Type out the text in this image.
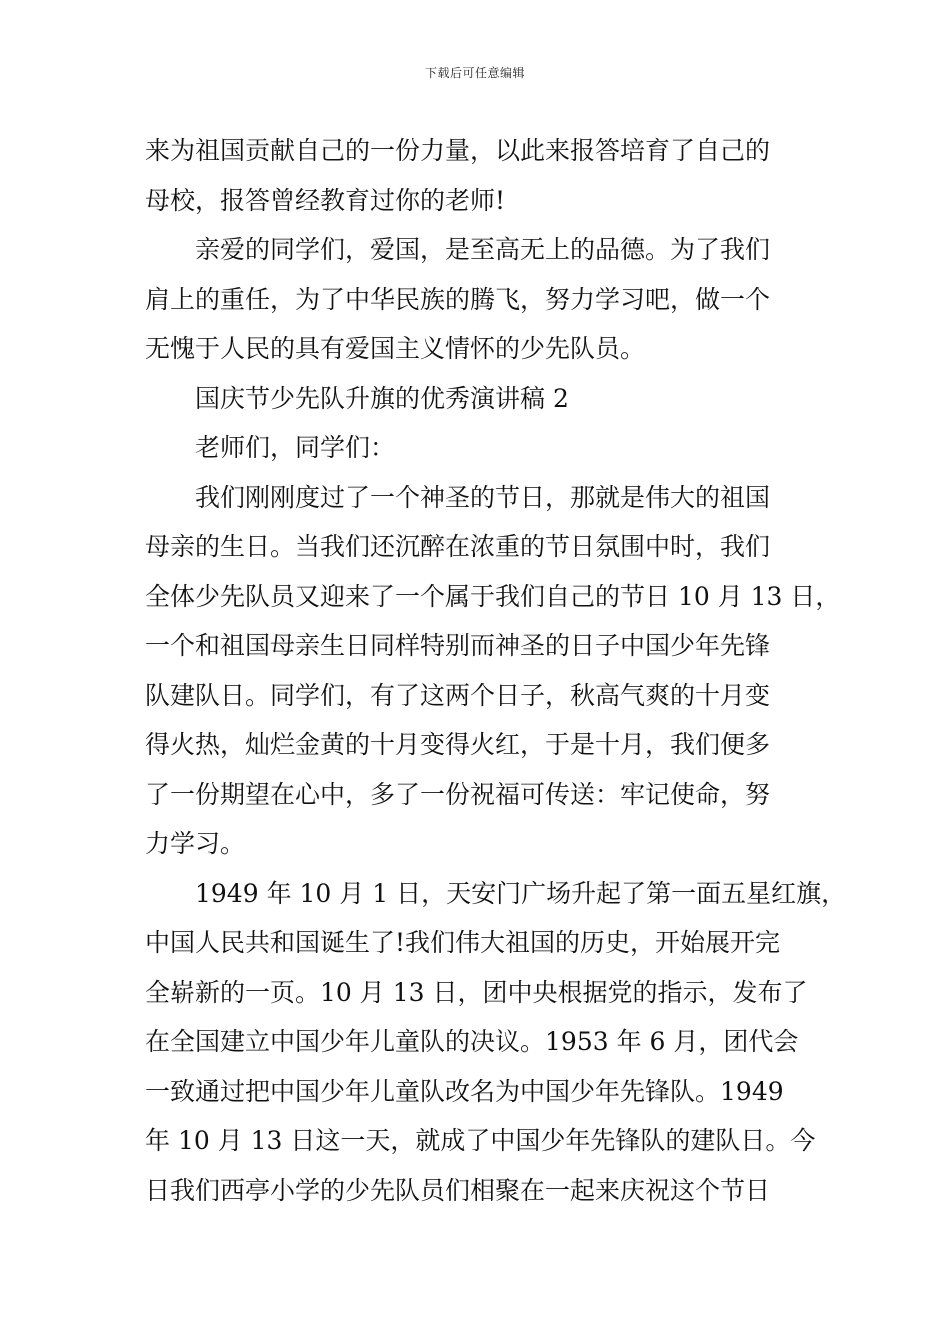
下载后可任意编辑
来为祖国贡献自己的一份力量，以此来报答培育了自己的
母校，报答曾经教育过你的老师!
亲爱的同学们，爱国，是至高无上的品德。为了我们
肩上的重任，为了中华民族的腾飞，努力学习吧，做一个
无愧于人民的具有爱国主义情怀的少先队员。
国庆节少先队升旗的优秀演讲稿 2
老师们，同学们：
我们刚刚度过了一个神圣的节日，那就是伟大的祖国
母亲的生日。当我们还沉醉在浓重的节日氛围中时，我们
全体少先队员又迎来了一个属于我们自己的节日 10 月 13 日，
一个和祖国母亲生日同样特别而神圣的日子中国少年先锋
队建队日。同学们，有了这两个日子，秋高气爽的十月变
得火热，灿烂金黄的十月变得火红，于是十月，我们便多
了一份期望在心中，多了一份祝福可传送：牢记使命，努
力学习。
1949 年 10 月 1 日，天安门广场升起了第一面五星红旗，
中国人民共和国诞生了!我们伟大祖国的历史，开始展开完
全崭新的一页。10 月 13 日，团中央根据党的指示，发布了
在全国建立中国少年儿童队的决议。1953 年 6 月，团代会
一致通过把中国少年儿童队改名为中国少年先锋队。1949
年 10 月 13 日这一天，就成了中国少年先锋队的建队日。今
日我们西亭小学的少先队员们相聚在一起来庆祝这个节日
